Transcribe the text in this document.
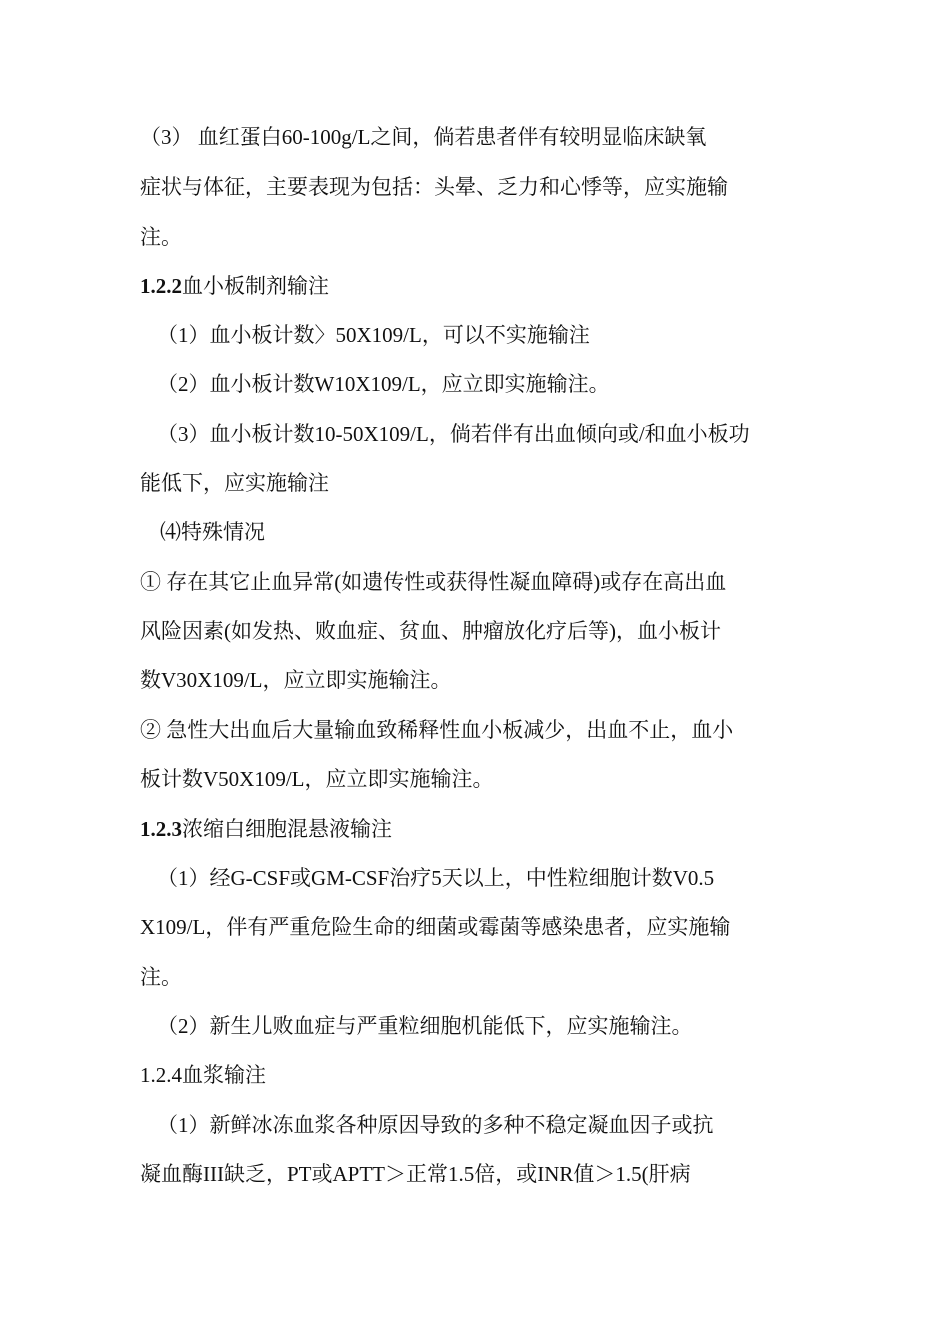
（3） 血红蛋白60-100g/L之间，倘若患者伴有较明显临床缺氧
症状与体征，主要表现为包括：头晕、乏力和心悸等，应实施输
注。
1.2.2血小板制剂输注
（1）血小板计数〉50X109/L，可以不实施输注
（2）血小板计数W10X109/L，应立即实施输注。
（3）血小板计数10-50X109/L，倘若伴有出血倾向或/和血小板功
能低下，应实施输注
⑷特殊情况
① 存在其它止血异常(如遗传性或获得性凝血障碍)或存在高出血
风险因素(如发热、败血症、贫血、肿瘤放化疗后等)，血小板计
数V30X109/L，应立即实施输注。
② 急性大出血后大量输血致稀释性血小板减少，出血不止，血小
板计数V50X109/L，应立即实施输注。
1.2.3浓缩白细胞混悬液输注
（1）经G-CSF或GM-CSF治疗5天以上，中性粒细胞计数V0.5
X109/L，伴有严重危险生命的细菌或霉菌等感染患者，应实施输
注。
（2）新生儿败血症与严重粒细胞机能低下，应实施输注。
1.2.4血浆输注
（1）新鲜冰冻血浆各种原因导致的多种不稳定凝血因子或抗
凝血酶III缺乏，PT或APTT＞正常1.5倍，或INR值＞1.5(肝病
